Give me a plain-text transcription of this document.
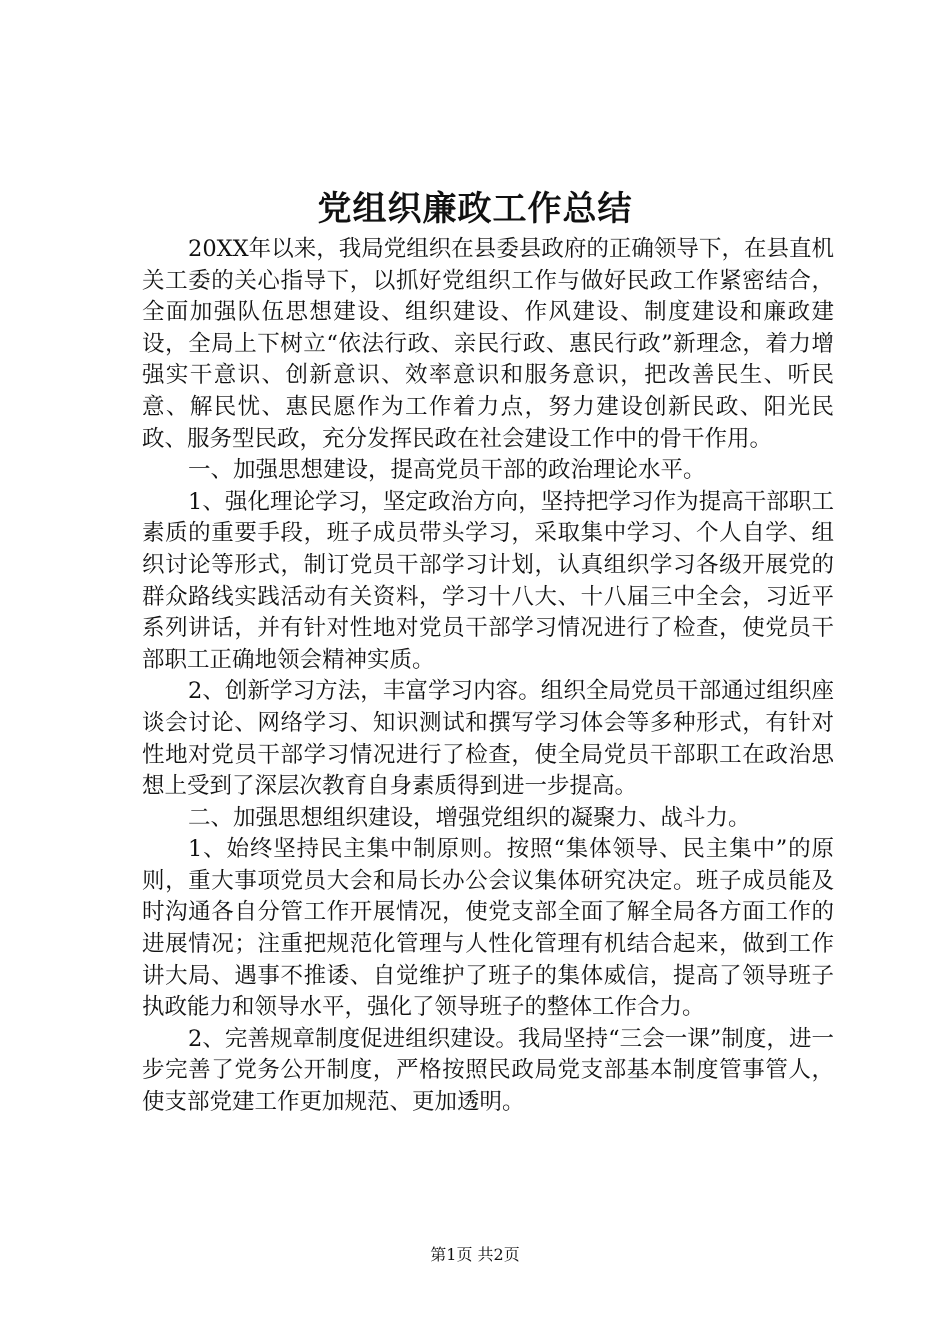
党组织廉政工作总结

20XX年以来，我局党组织在县委县政府的正确领导下，在县直机关工委的关心指导下，以抓好党组织工作与做好民政工作紧密结合，全面加强队伍思想建设、组织建设、作风建设、制度建设和廉政建设，全局上下树立“依法行政、亲民行政、惠民行政”新理念，着力增强实干意识、创新意识、效率意识和服务意识，把改善民生、听民意、解民忧、惠民愿作为工作着力点，努力建设创新民政、阳光民政、服务型民政，充分发挥民政在社会建设工作中的骨干作用。

一、加强思想建设，提高党员干部的政治理论水平。

1、强化理论学习，坚定政治方向，坚持把学习作为提高干部职工素质的重要手段，班子成员带头学习，采取集中学习、个人自学、组织讨论等形式，制订党员干部学习计划，认真组织学习各级开展党的群众路线实践活动有关资料，学习十八大、十八届三中全会，习近平系列讲话，并有针对性地对党员干部学习情况进行了检查，使党员干部职工正确地领会精神实质。

2、创新学习方法，丰富学习内容。组织全局党员干部通过组织座谈会讨论、网络学习、知识测试和撰写学习体会等多种形式，有针对性地对党员干部学习情况进行了检查，使全局党员干部职工在政治思想上受到了深层次教育自身素质得到进一步提高。

二、加强思想组织建设，增强党组织的凝聚力、战斗力。

1、始终坚持民主集中制原则。按照“集体领导、民主集中”的原则，重大事项党员大会和局长办公会议集体研究决定。班子成员能及时沟通各自分管工作开展情况，使党支部全面了解全局各方面工作的进展情况；注重把规范化管理与人性化管理有机结合起来，做到工作讲大局、遇事不推诿、自觉维护了班子的集体威信，提高了领导班子执政能力和领导水平，强化了领导班子的整体工作合力。

2、完善规章制度促进组织建设。我局坚持“三会一课”制度，进一步完善了党务公开制度，严格按照民政局党支部基本制度管事管人，使支部党建工作更加规范、更加透明。

第1页 共2页
